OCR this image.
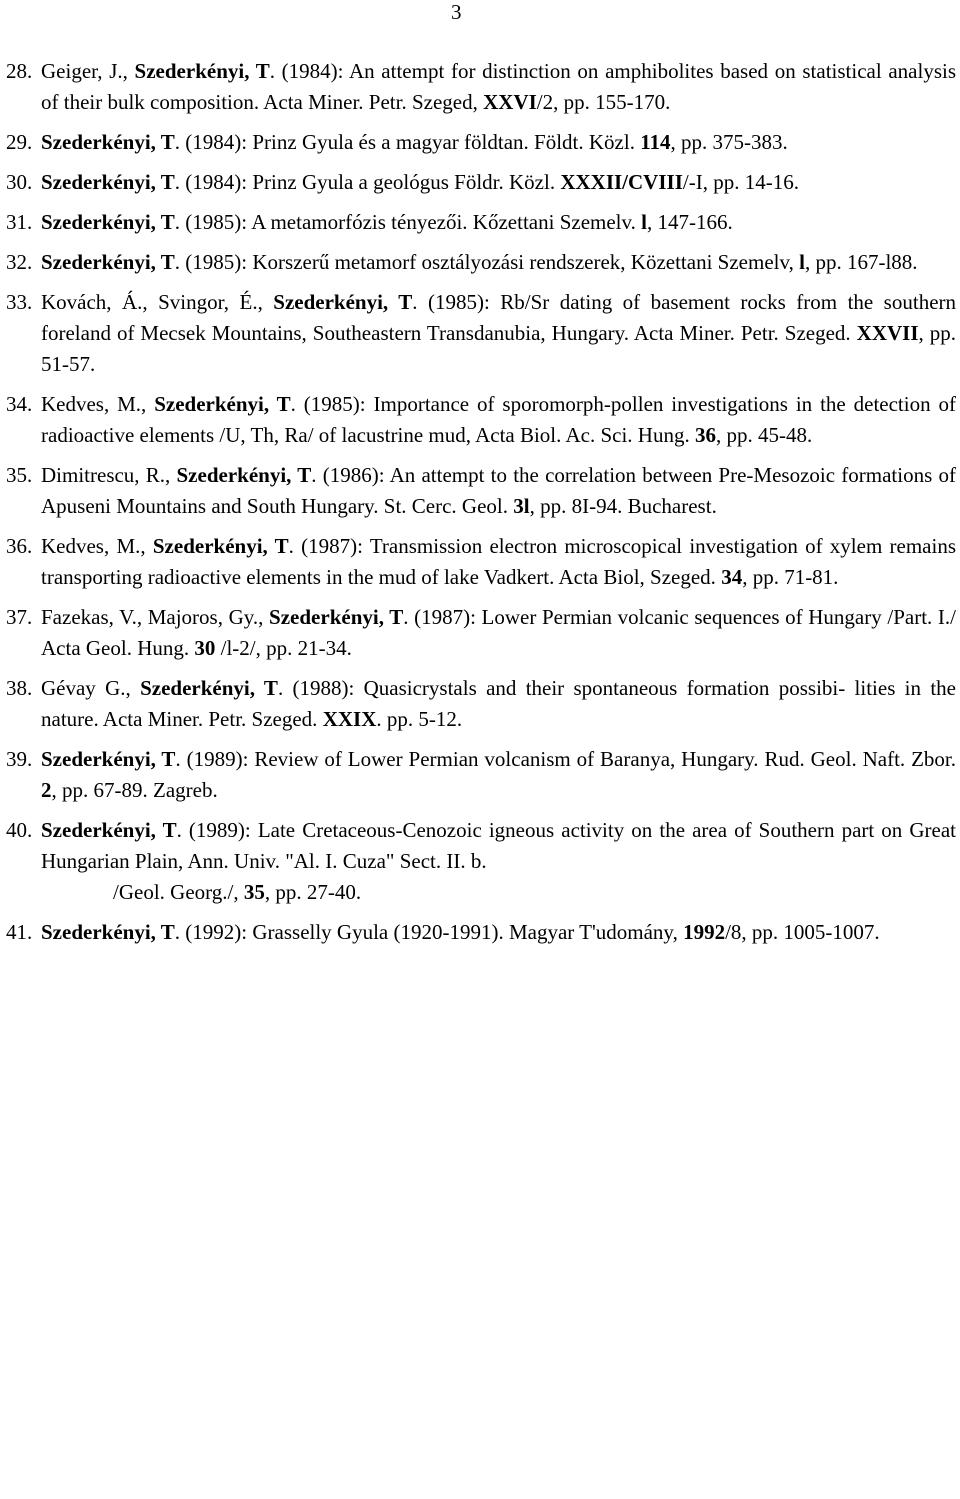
3
28. Geiger, J., Szederkényi, T. (1984): An attempt for distinction on amphibolites based on statistical analysis of their bulk composition. Acta Miner. Petr. Szeged, XXVI/2, pp. 155-170.
29. Szederkényi, T. (1984): Prinz Gyula és a magyar földtan. Földt. Közl. 114, pp. 375-383.
30. Szederkényi, T. (1984): Prinz Gyula a geológus Földr. Közl. XXXII/CVIII/-I, pp. 14-16.
31. Szederkényi, T. (1985): A metamorfózis tényezői. Kőzettani Szemelv. l, 147-166.
32. Szederkényi, T. (1985): Korszerű metamorf osztályozási rendszerek, Közettani Szemelv, l, pp. 167-l88.
33. Kovách, Á., Svingor, É., Szederkényi, T. (1985): Rb/Sr dating of basement rocks from the southern foreland of Mecsek Mountains, Southeastern Transdanubia, Hungary. Acta Miner. Petr. Szeged. XXVII, pp. 51-57.
34. Kedves, M., Szederkényi, T. (1985): Importance of sporomorph-pollen investigations in the detection of radioactive elements /U, Th, Ra/ of lacustrine mud, Acta Biol. Ac. Sci. Hung. 36, pp. 45-48.
35. Dimitrescu, R., Szederkényi, T. (1986): An attempt to the correlation between Pre-Mesozoic formations of Apuseni Mountains and South Hungary. St. Cerc. Geol. 3l, pp. 8I-94. Bucharest.
36. Kedves, M., Szederkényi, T. (1987): Transmission electron microscopical investigation of xylem remains transporting radioactive elements in the mud of lake Vadkert. Acta Biol, Szeged. 34, pp. 71-81.
37. Fazekas, V., Majoros, Gy., Szederkényi, T. (1987): Lower Permian volcanic sequences of Hungary /Part. I./ Acta Geol. Hung. 30 /l-2/, pp. 21-34.
38. Gévay G., Szederkényi, T. (1988): Quasicrystals and their spontaneous formation possibi- lities in the nature. Acta Miner. Petr. Szeged. XXIX. pp. 5-12.
39. Szederkényi, T. (1989): Review of Lower Permian volcanism of Baranya, Hungary. Rud. Geol. Naft. Zbor. 2, pp. 67-89. Zagreb.
40. Szederkényi, T. (1989): Late Cretaceous-Cenozoic igneous activity on the area of Southern part on Great Hungarian Plain, Ann. Univ. "Al. I. Cuza" Sect. II. b.
/Geol. Georg./, 35, pp. 27-40.
41. Szederkényi, T. (1992): Grasselly Gyula (1920-1991). Magyar T'udomány, 1992/8, pp. 1005-1007.
